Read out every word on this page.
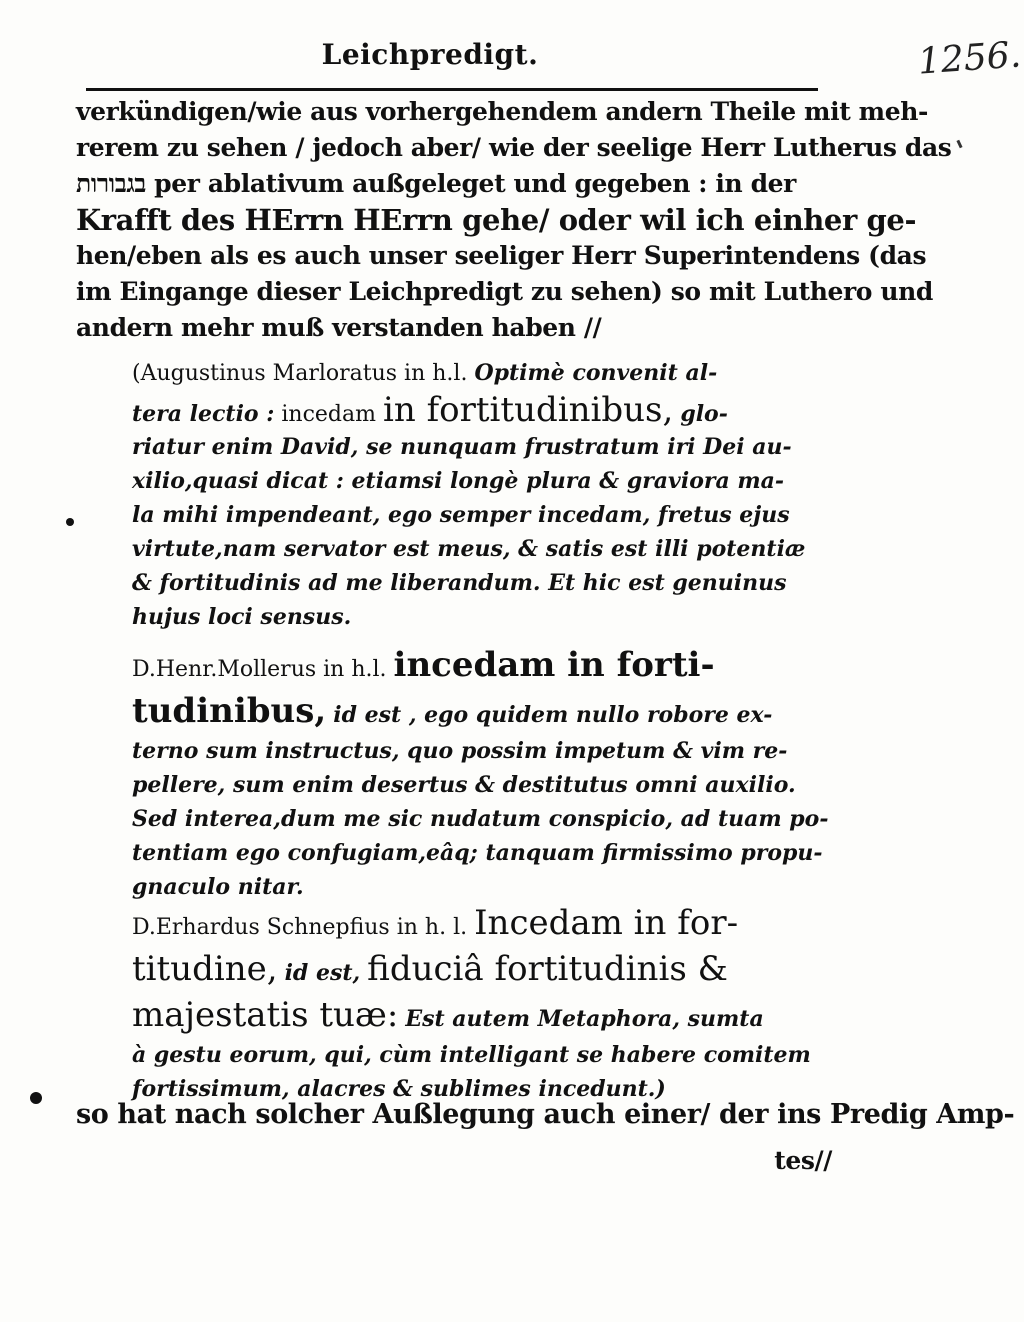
Leichpredigt.	1256.
verkündigen/wie aus vorhergehendem andern Theile mit meh-
rerem zu sehen / jedoch aber/ wie der seelige Herr Lutherus das
בגבורות per ablativum außgeleget und gegeben : in der
Krafft des HErrn HErrn gehe/ oder wil ich einher ge-
hen/eben als es auch unser seeliger Herr Superintendens (das
im Eingange dieser Leichpredigt zu sehen) so mit Luthero und
andern mehr muß verstanden haben //
(Augustinus Marloratus in h.l. Optimè convenit al-
tera lectio : incedam in fortitudinibus, glo-
riatur enim David, se nunquam frustratum iri Dei au-
xilio,quasi dicat : etiamsi longè plura & graviora ma-
la mihi impendeant, ego semper incedam, fretus ejus
virtute,nam servator est meus, & satis est illi potentiæ
& fortitudinis ad me liberandum. Et hic est genuinus
hujus loci sensus.
D.Henr.Mollerus in h.l. incedam in forti-
tudinibus, id est , ego quidem nullo robore ex-
terno sum instructus, quo possim impetum & vim re-
pellere, sum enim desertus & destitutus omni auxilio.
Sed interea,dum me sic nudatum conspicio, ad tuam po-
tentiam ego confugiam,eâq; tanquam firmissimo propu-
gnaculo nitar.
D.Erhardus Schnepfius in h. l. Incedam in for-
titudine, id est, fiduciâ fortitudinis &
majestatis tuæ: Est autem Metaphora, sumta
à gestu eorum, qui, cùm intelligant se habere comitem
fortissimum, alacres & sublimes incedunt.)
so hat nach solcher Außlegung auch einer/ der ins Predig Amp-
tes//
